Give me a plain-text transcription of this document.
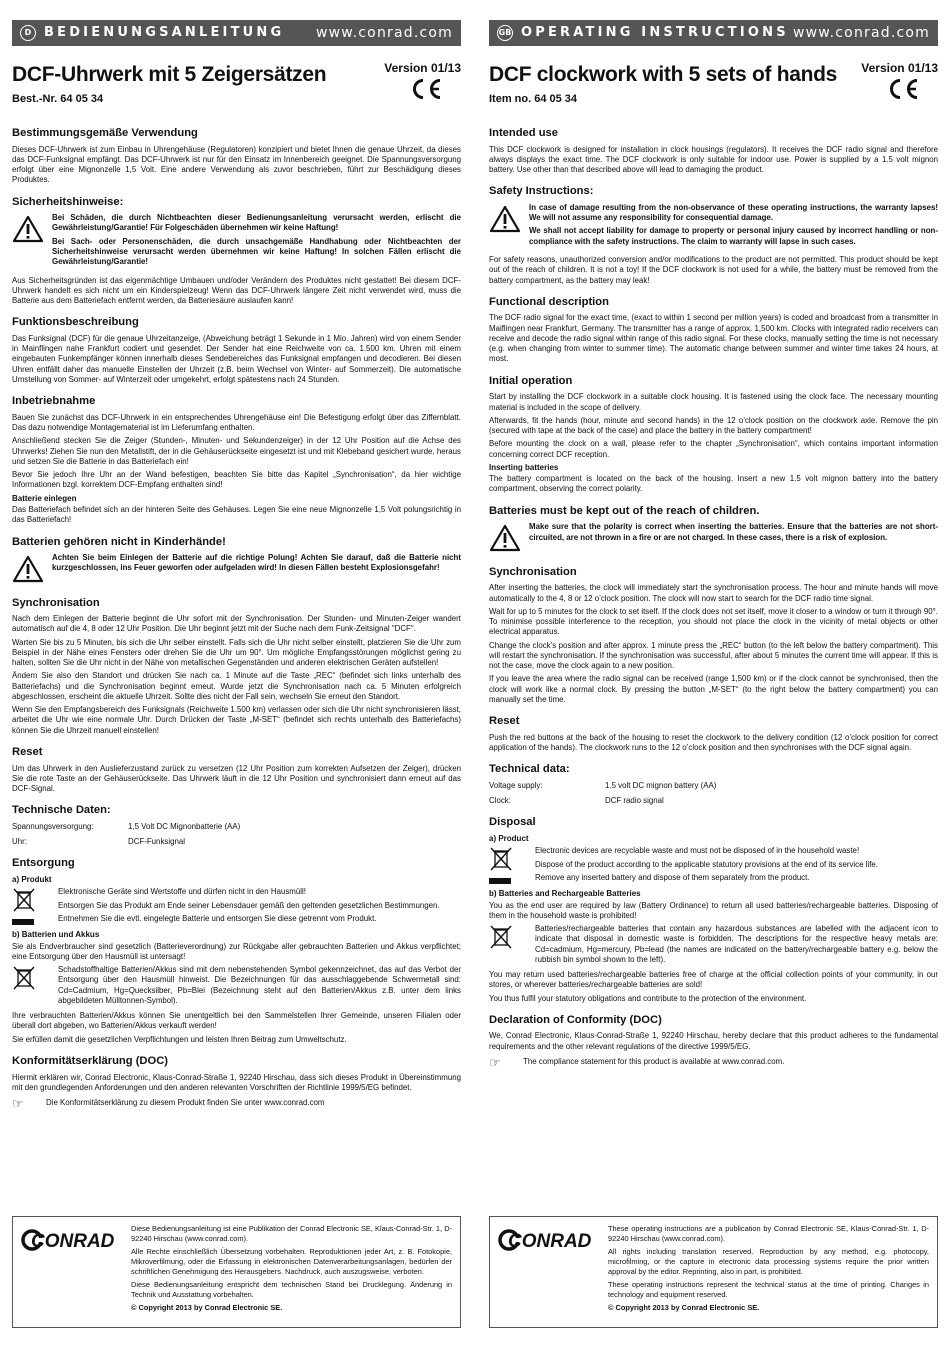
D BEDIENUNGSANLEITUNG www.conrad.com
DCF-Uhrwerk mit 5 Zeigersätzen
Best.-Nr. 64 05 34
Version 01/13
Bestimmungsgemäße Verwendung

Dieses DCF-Uhrwerk ist zum Einbau in Uhrengehäuse (Regulatoren) konzipiert und bietet Ihnen die genaue Uhrzeit, da dieses das DCF-Funksignal empfängt. Das DCF-Uhrwerk ist nur für den Einsatz im Innenbereich geeignet. Die Spannungsversorgung erfolgt über eine Mignonzelle 1,5 Volt. Eine andere Verwendung als zuvor beschrieben, führt zur Beschädigung dieses Produktes.

Sicherheitshinweise:

Bei Schäden, die durch Nichtbeachten dieser Bedienungsanleitung verursacht werden, erlischt die Gewährleistung/Garantie! Für Folgeschäden übernehmen wir keine Haftung!

Bei Sach- oder Personenschäden, die durch unsachgemäße Handhabung oder Nichtbeachten der Sicherheitshinweise verursacht werden übernehmen wir keine Haftung! In solchen Fällen erlischt die Gewährleistung/Garantie!

Aus Sicherheitsgründen ist das eigenmächtige Umbauen und/oder Verändern des Produktes nicht gestattet! Bei diesem DCF-Uhrwerk handelt es sich nicht um ein Kinderspielzeug! Wenn das DCF-Uhrwerk längere Zeit nicht verwendet wird, muss die Batterie aus dem Batteriefach entfernt werden, da Batteriesäure auslaufen kann!

Funktionsbeschreibung

Das Funksignal (DCF) für die genaue Uhrzeitanzeige, (Abweichung beträgt 1 Sekunde in 1 Mio. Jahren) wird von einem Sender in Mainflingen nahe Frankfurt codiert und gesendet. Der Sender hat eine Reichweite von ca. 1.500 km. Uhren mit einem eingebauten Funkempfänger können innerhalb dieses Sendebereiches das Funksignal empfangen und decodieren. Bei diesen Uhren entfällt daher das manuelle Einstellen der Uhrzeit (z.B. beim Wechsel von Winter- auf Sommerzeit). Die automatische Umstellung von Sommer- auf Winterzeit oder umgekehrt, erfolgt spätestens nach 24 Stunden.

Inbetriebnahme

Bauen Sie zunächst das DCF-Uhrwerk in ein entsprechendes Uhrengehäuse ein! Die Befestigung erfolgt über das Ziffernblatt. Das dazu notwendige Montagematerial ist im Lieferumfang enthalten.

Anschließend stecken Sie die Zeiger (Stunden-, Minuten- und Sekundenzeiger) in der 12 Uhr Position auf die Achse des Uhrwerks! Ziehen Sie nun den Metallstift, der in die Gehäuserückseite eingesetzt ist und mit Klebeband gesichert wurde, heraus und setzen Sie die Batterie in das Batteriefach ein!

Bevor Sie jedoch Ihre Uhr an der Wand befestigen, beachten Sie bitte das Kapitel „Synchronisation“, da hier wichtige Informationen bzgl. korrektem DCF-Empfang enthalten sind!

Batterie einlegen

Das Batteriefach befindet sich an der hinteren Seite des Gehäuses. Legen Sie eine neue Mignonzelle 1,5 Volt polungsrichtig in das Batteriefach!

Batterien gehören nicht in Kinderhände!

Achten Sie beim Einlegen der Batterie auf die richtige Polung! Achten Sie darauf, daß die Batterie nicht kurzgeschlossen, ins Feuer geworfen oder aufgeladen wird! In diesen Fällen besteht Explosionsgefahr!

Synchronisation

Nach dem Einlegen der Batterie beginnt die Uhr sofort mit der Synchronisation. Der Stunden- und Minuten-Zeiger wandert automatisch auf die 4, 8 oder 12 Uhr Position. Die Uhr beginnt jetzt mit der Suche nach dem Funk-Zeitsignal "DCF".

Warten Sie bis zu 5 Minuten, bis sich die Uhr selber einstellt. Falls sich die Uhr nicht selber einstellt, platzieren Sie die Uhr zum Beispiel in der Nähe eines Fensters oder drehen Sie die Uhr um 90°. Um mögliche Empfangsstörungen möglichst gering zu halten, sollten Sie die Uhr nicht in der Nähe von metallischen Gegenständen und anderen elektrischen Geräten aufstellen!

Ändern Sie also den Standort und drücken Sie nach ca. 1 Minute auf die Taste „REC“ (befindet sich links unterhalb des Batteriefachs) und die Synchronisation beginnt erneut. Wurde jetzt die Synchronisation nach ca. 5 Minuten erfolgreich abgeschlossen, erscheint die aktuelle Uhrzeit. Sollte dies nicht der Fall sein, wechseln Sie erneut den Standort.

Wenn Sie den Empfangsbereich des Funksignals (Reichweite 1.500 km) verlassen oder sich die Uhr nicht synchronisieren lässt, arbeitet die Uhr wie eine normale Uhr. Durch Drücken der Taste „M-SET“ (befindet sich rechts unterhalb des Batteriefachs) können Sie die Uhrzeit manuell einstellen!

Reset

Um das Uhrwerk in den Auslieferzustand zurück zu versetzen (12 Uhr Position zum korrekten Aufsetzen der Zeiger), drücken Sie die rote Taste an der Gehäuserückseite. Das Uhrwerk läuft in die 12 Uhr Position und synchronisiert dann erneut auf das DCF-Signal.

Technische Daten:
Spannungsversorgung:	1,5 Volt DC Mignonbatterie (AA)
Uhr:	DCF-Funksignal
Entsorgung
a) Produkt

Elektronische Geräte sind Wertstoffe und dürfen nicht in den Hausmüll!

Entsorgen Sie das Produkt am Ende seiner Lebensdauer gemäß den geltenden gesetzlichen Bestimmungen.

Entnehmen Sie die evtl. eingelegte Batterie und entsorgen Sie diese getrennt vom Produkt.

b) Batterien und Akkus

Sie als Endverbraucher sind gesetzlich (Batterieverordnung) zur Rückgabe aller gebrauchten Batterien und Akkus verpflichtet; eine Entsorgung über den Hausmüll ist untersagt!

Schadstoffhaltige Batterien/Akkus sind mit dem nebenstehenden Symbol gekennzeichnet, das auf das Verbot der Entsorgung über den Hausmüll hinweist. Die Bezeichnungen für das ausschlaggebende Schwermetall sind: Cd=Cadmium, Hg=Quecksilber, Pb=Blei (Bezeichnung steht auf den Batterien/Akkus z.B. unter dem links abgebildeten Mülltonnen-Symbol).

Ihre verbrauchten Batterien/Akkus können Sie unentgeltlich bei den Sammelstellen Ihrer Gemeinde, unseren Filialen oder überall dort abgeben, wo Batterien/Akkus verkauft werden!

Sie erfüllen damit die gesetzlichen Verpflichtungen und leisten Ihren Beitrag zum Umweltschutz.

Konformitätserklärung (DOC)

Hiermit erklären wir, Conrad Electronic, Klaus-Conrad-Straße 1, 92240 Hirschau, dass sich dieses Produkt in Übereinstimmung mit den grundlegenden Anforderungen und den anderen relevanten Vorschriften der Richtlinie 1999/5/EG befindet.

☞	Die Konformitätserklärung zu diesem Produkt finden Sie unter www.conrad.com

CONRAD

Diese Bedienungsanleitung ist eine Publikation der Conrad Electronic SE, Klaus-Conrad-Str. 1, D-92240 Hirschau (www.conrad.com).

Alle Rechte einschließlich Übersetzung vorbehalten. Reproduktionen jeder Art, z. B. Fotokopie, Mikroverfilmung, oder die Erfassung in elektronischen Datenverarbeitungsanlagen, bedürfen der schriftlichen Genehmigung des Herausgebers. Nachdruck, auch auszugsweise, verboten.

Diese Bedienungsanleitung entspricht dem technischen Stand bei Drucklegung. Änderung in Technik und Ausstattung vorbehalten.

© Copyright 2013 by Conrad Electronic SE.

GB OPERATING INSTRUCTIONS www.conrad.com
DCF clockwork with 5 sets of hands
Item no. 64 05 34
Version 01/13
Intended use

This DCF clockwork is designed for installation in clock housings (regulators). It receives the DCF radio signal and therefore always displays the exact time. The DCF clockwork is only suitable for indoor use. Power is supplied by a 1.5 volt mignon battery. Use other than that described above will lead to damaging the product.

Safety Instructions:

In case of damage resulting from the non-observance of these operating instructions, the warranty lapses! We will not assume any responsibility for consequential damage.

We shall not accept liability for damage to property or personal injury caused by incorrect handling or non-compliance with the safety instructions. The claim to warranty will lapse in such cases.

For safety reasons, unauthorized conversion and/or modifications to the product are not permitted. This product should be kept out of the reach of children. It is not a toy! If the DCF clockwork is not used for a while, the battery must be removed from the battery compartment, as the battery may leak!

Functional description

The DCF radio signal for the exact time, (exact to within 1 second per million years) is coded and broadcast from a transmitter in Maiflingen near Frankfurt, Germany. The transmitter has a range of approx. 1,500 km. Clocks with integrated radio receivers can receive and decode the radio signal within range of this radio signal. For these clocks, manually setting the time is not necessary (e.g. when changing from winter to summer time). The automatic change between summer and winter time takes 24 hours, at most.

Initial operation

Start by installing the DCF clockwork in a suitable clock housing. It is fastened using the clock face. The necessary mounting material is included in the scope of delivery.

Afterwards, fit the hands (hour, minute and second hands) in the 12 o’clock position on the clockwork axle. Remove the pin (secured with tape at the back of the case) and place the battery in the battery compartment!

Before mounting the clock on a wall, please refer to the chapter „Synchronisation“, which contains important information concerning correct DCF reception.

Inserting batteries

The battery compartment is located on the back of the housing. Insert a new 1.5 volt mignon battery into the battery compartment, observing the correct polarity.

Batteries must be kept out of the reach of children.

Make sure that the polarity is correct when inserting the batteries. Ensure that the batteries are not short-circuited, are not thrown in a fire or are not charged. In these cases, there is a risk of explosion.

Synchronisation

After inserting the batteries, the clock will immediately start the synchronisation process. The hour and minute hands will move automatically to the 4, 8 or 12 o’clock position. The clock will now start to search for the DCF radio time signal.

Wait for up to 5 minutes for the clock to set itself. If the clock does not set itself, move it closer to a window or turn it through 90°. To minimise possible interference to the reception, you should not place the clock in the vicinity of metal objects or other electrical apparatus.

Change the clock’s position and after approx. 1 minute press the „REC“ button (to the left below the battery compartment). This will restart the synchronisation. If the synchronisation was successful, after about 5 minutes the current time will appear. If this is not the case, move the clock again to a new position.

If you leave the area where the radio signal can be received (range 1,500 km) or if the clock cannot be synchronised, then the clock will work like a normal clock. By pressing the button „M-SET“ (to the right below the battery compartment) you can manually set the time.

Reset

Push the red buttons at the back of the housing to reset the clockwork to the delivery condition (12 o’clock position for correct application of the hands). The clockwork runs to the 12 o’clock position and then synchronises with the DCF signal again.

Technical data:
Voltage supply:	1.5 volt DC mignon battery (AA)
Clock:	DCF radio signal
Disposal
a) Product

Electronic devices are recyclable waste and must not be disposed of in the household waste!

Dispose of the product according to the applicable statutory provisions at the end of its service life.

Remove any inserted battery and dispose of them separately from the product.

b) Batteries and Rechargeable Batteries

You as the end user are required by law (Battery Ordinance) to return all used batteries/rechargeable batteries. Disposing of them in the household waste is prohibited!

Batteries/rechargeable batteries that contain any hazardous substances are labelled with the adjacent icon to indicate that disposal in domestic waste is forbidden. The descriptions for the respective heavy metals are: Cd=cadmium, Hg=mercury, Pb=lead (the names are indicated on the battery/rechargeable battery e.g. below the rubbish bin symbol shown to the left).

You may return used batteries/rechargeable batteries free of charge at the official collection points of your community, in our stores, or wherever batteries/rechargeable batteries are sold!

You thus fulfil your statutory obligations and contribute to the protection of the environment.

Declaration of Conformity (DOC)

We, Conrad Electronic, Klaus-Conrad-Straße 1, 92240 Hirschau, hereby declare that this product adheres to the fundamental requirements and the other relevant regulations of the directive 1999/5/EG.

☞	The compliance statement for this product is available at www.conrad.com.

CONRAD

These operating instructions are a publication by Conrad Electronic SE, Klaus-Conrad-Str. 1, D-92240 Hirschau (www.conrad.com).

All rights including translation reserved. Reproduction by any method, e.g. photocopy, microfilming, or the capture in electronic data processing systems require the prior written approval by the editor. Reprinting, also in part, is prohibited.

These operating instructions represent the technical status at the time of printing. Changes in technology and equipment reserved.

© Copyright 2013 by Conrad Electronic SE.
